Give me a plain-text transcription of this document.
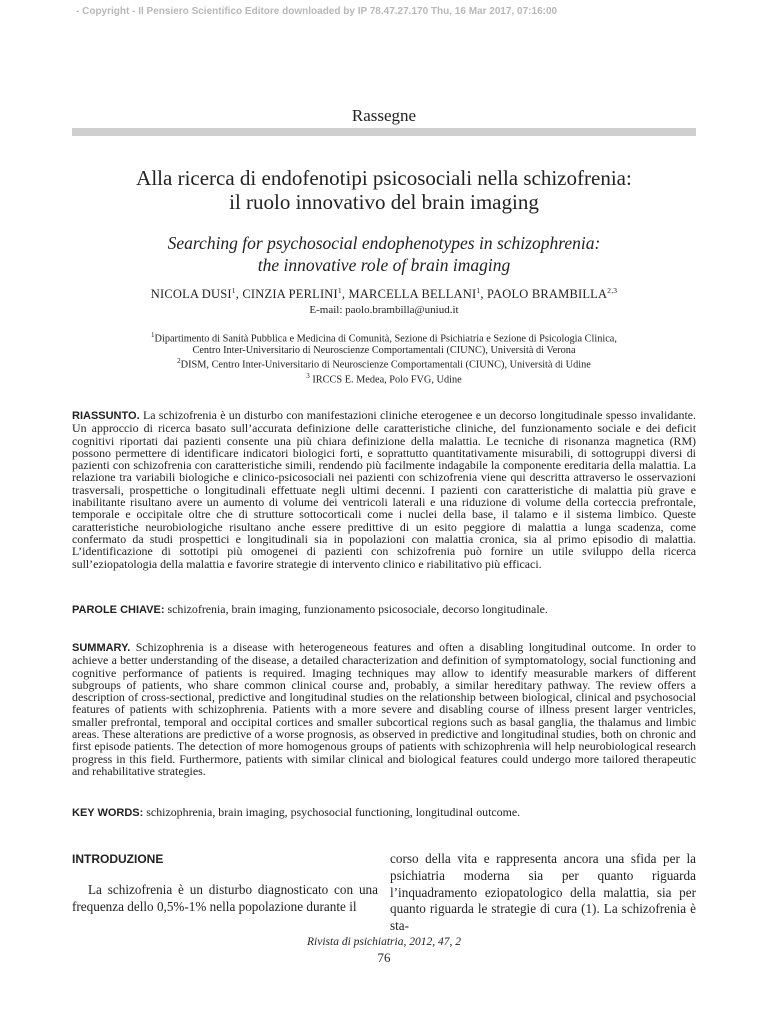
- Copyright - Il Pensiero Scientifico Editore downloaded by IP 78.47.27.170 Thu, 16 Mar 2017, 07:16:00
Rassegne
Alla ricerca di endofenotipi psicosociali nella schizofrenia:
il ruolo innovativo del brain imaging
Searching for psychosocial endophenotypes in schizophrenia:
the innovative role of brain imaging
NICOLA DUSI$^1$, CINZIA PERLINI$^1$, MARCELLA BELLANI$^1$, PAOLO BRAMBILLA$^{2,3}$
E-mail: paolo.brambilla@uniud.it
$^1$Dipartimento di Sanità Pubblica e Medicina di Comunità, Sezione di Psichiatria e Sezione di Psicologia Clinica,
Centro Inter-Universitario di Neuroscienze Comportamentali (CIUNC), Università di Verona
$^2$DISM, Centro Inter-Universitario di Neuroscienze Comportamentali (CIUNC), Università di Udine
$^3$ IRCCS E. Medea, Polo FVG, Udine

RIASSUNTO. La schizofrenia è un disturbo con manifestazioni cliniche eterogenee e un decorso longitudinale spesso invalidante. Un approccio di ricerca basato sull’accurata definizione delle caratteristiche cliniche, del funzionamento sociale e dei deficit cognitivi riportati dai pazienti consente una più chiara definizione della malattia. Le tecniche di risonanza magnetica (RM) possono permettere di identificare indicatori biologici forti, e soprattutto quantitativamente misurabili, di sottogruppi diversi di pazienti con schizofrenia con caratteristiche simili, rendendo più facilmente indagabile la componente ereditaria della malattia. La relazione tra variabili biologiche e clinico-psicosociali nei pazienti con schizofrenia viene qui descritta attraverso le osservazioni trasversali, prospettiche o longitudinali effettuate negli ultimi decenni. I pazienti con caratteristiche di malattia più grave e inabilitante risultano avere un aumento di volume dei ventricoli laterali e una riduzione di volume della corteccia prefrontale, temporale e occipitale oltre che di strutture sottocorticali come i nuclei della base, il talamo e il sistema limbico. Queste caratteristiche neurobiologiche risultano anche essere predittive di un esito peggiore di malattia a lunga scadenza, come confermato da studi prospettici e longitudinali sia in popolazioni con malattia cronica, sia al primo episodio di malattia. L’identificazione di sottotipi più omogenei di pazienti con schizofrenia può fornire un utile sviluppo della ricerca sull’eziopatologia della malattia e favorire strategie di intervento clinico e riabilitativo più efficaci.

PAROLE CHIAVE: schizofrenia, brain imaging, funzionamento psicosociale, decorso longitudinale.

SUMMARY. Schizophrenia is a disease with heterogeneous features and often a disabling longitudinal outcome. In order to achieve a better understanding of the disease, a detailed characterization and definition of symptomatology, social functioning and cognitive performance of patients is required. Imaging techniques may allow to identify measurable markers of different subgroups of patients, who share common clinical course and, probably, a similar hereditary pathway. The review offers a description of cross-sectional, predictive and longitudinal studies on the relationship between biological, clinical and psychosocial features of patients with schizophrenia. Patients with a more severe and disabling course of illness present larger ventricles, smaller prefrontal, temporal and occipital cortices and smaller subcortical regions such as basal ganglia, the thalamus and limbic areas. These alterations are predictive of a worse prognosis, as observed in predictive and longitudinal studies, both on chronic and first episode patients. The detection of more homogenous groups of patients with schizophrenia will help neurobiological research progress in this field. Furthermore, patients with similar clinical and biological features could undergo more tailored therapeutic and rehabilitative strategies.

KEY WORDS: schizophrenia, brain imaging, psychosocial functioning, longitudinal outcome.

INTRODUZIONE

La schizofrenia è un disturbo diagnosticato con una frequenza dello 0,5%-1% nella popolazione durante il

corso della vita e rappresenta ancora una sfida per la psichiatria moderna sia per quanto riguarda l’inquadramento eziopatologico della malattia, sia per quanto riguarda le strategie di cura (1). La schizofrenia è sta-

Rivista di psichiatria, 2012, 47, 2
76
